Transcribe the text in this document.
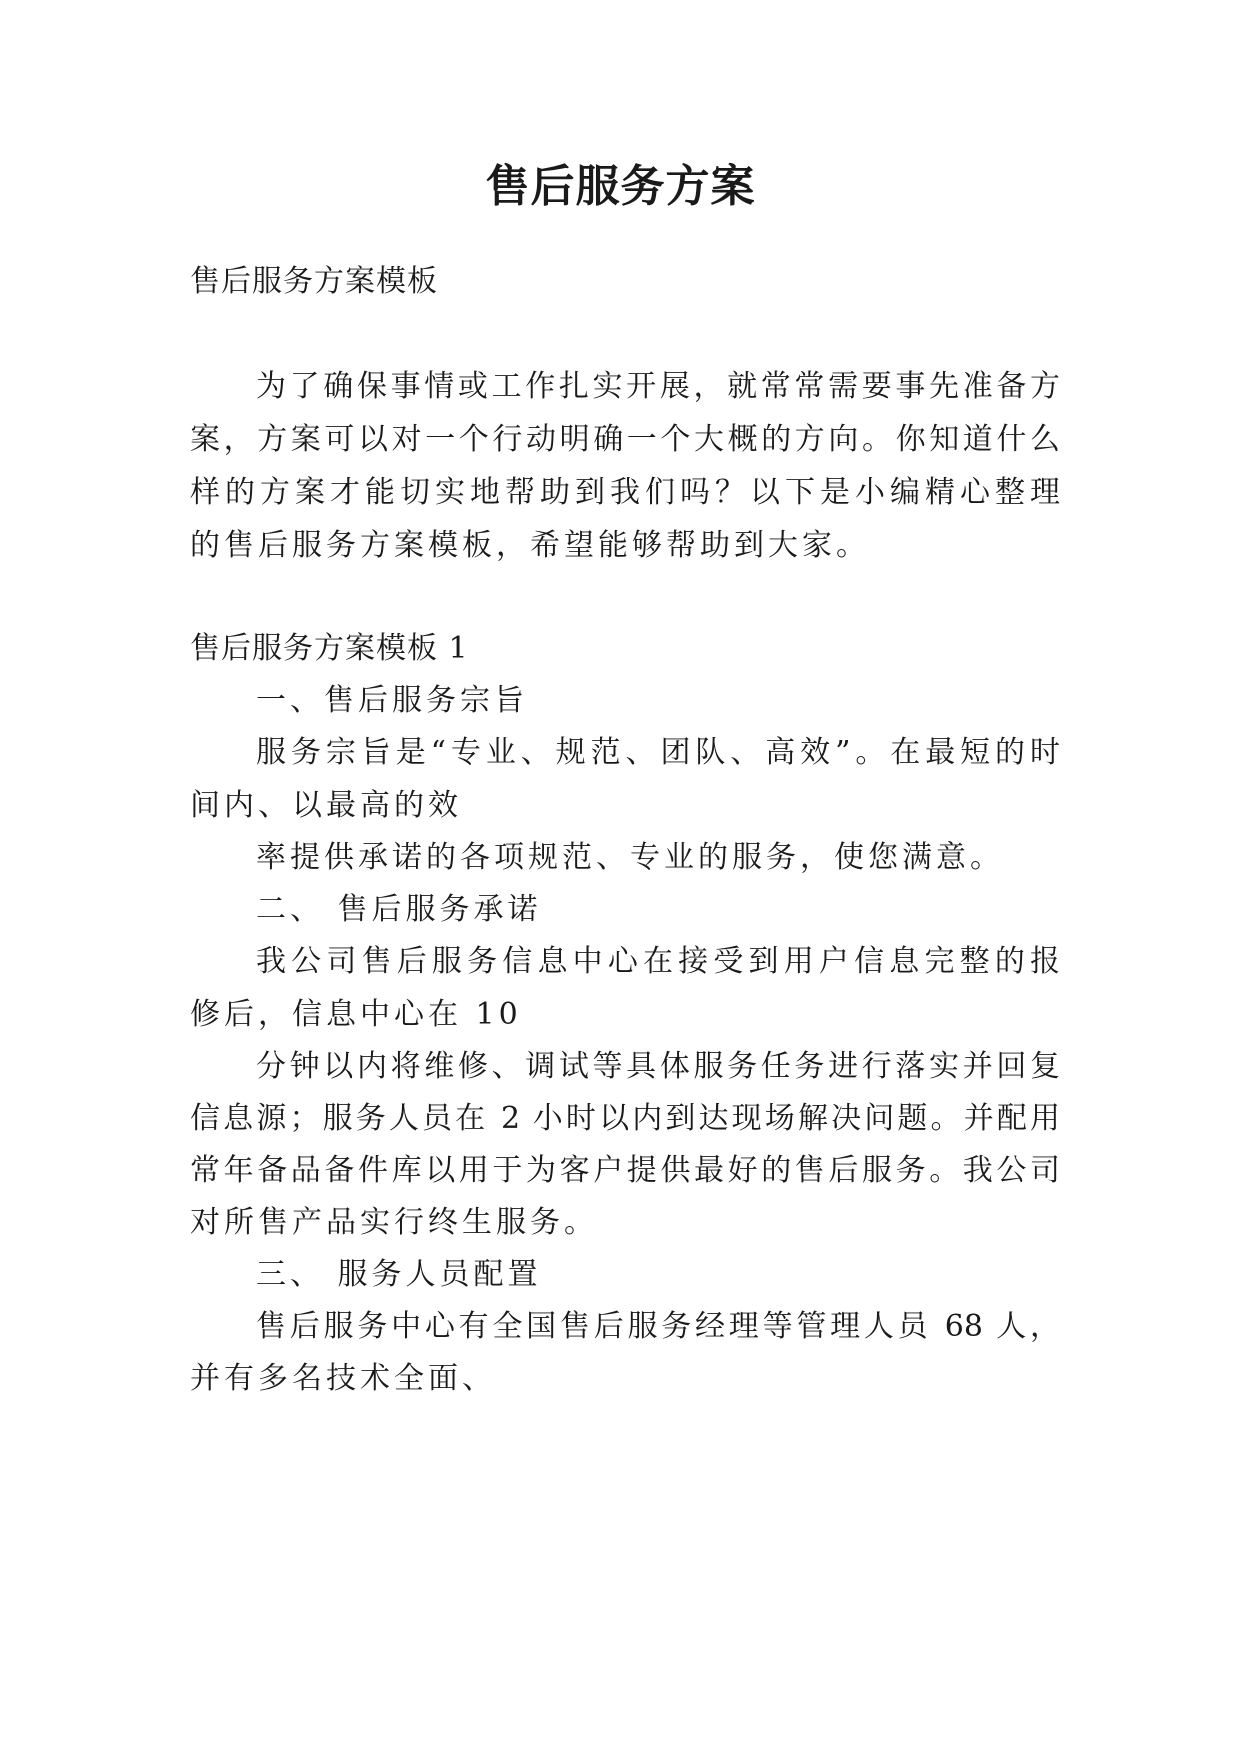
售后服务方案
售后服务方案模板
为了确保事情或工作扎实开展，就常常需要事先准备方
案，方案可以对一个行动明确一个大概的方向。你知道什么
样的方案才能切实地帮助到我们吗？以下是小编精心整理
的售后服务方案模板，希望能够帮助到大家。
售后服务方案模板 1
一、售后服务宗旨
服务宗旨是“专业、规范、团队、高效”。在最短的时
间内、以最高的效
率提供承诺的各项规范、专业的服务，使您满意。
二、 售后服务承诺
我公司售后服务信息中心在接受到用户信息完整的报
修后，信息中心在 10
分钟以内将维修、调试等具体服务任务进行落实并回复
信息源；服务人员在 2 小时以内到达现场解决问题。并配用
常年备品备件库以用于为客户提供最好的售后服务。我公司
对所售产品实行终生服务。
三、 服务人员配置
售后服务中心有全国售后服务经理等管理人员 68 人，
并有多名技术全面、
